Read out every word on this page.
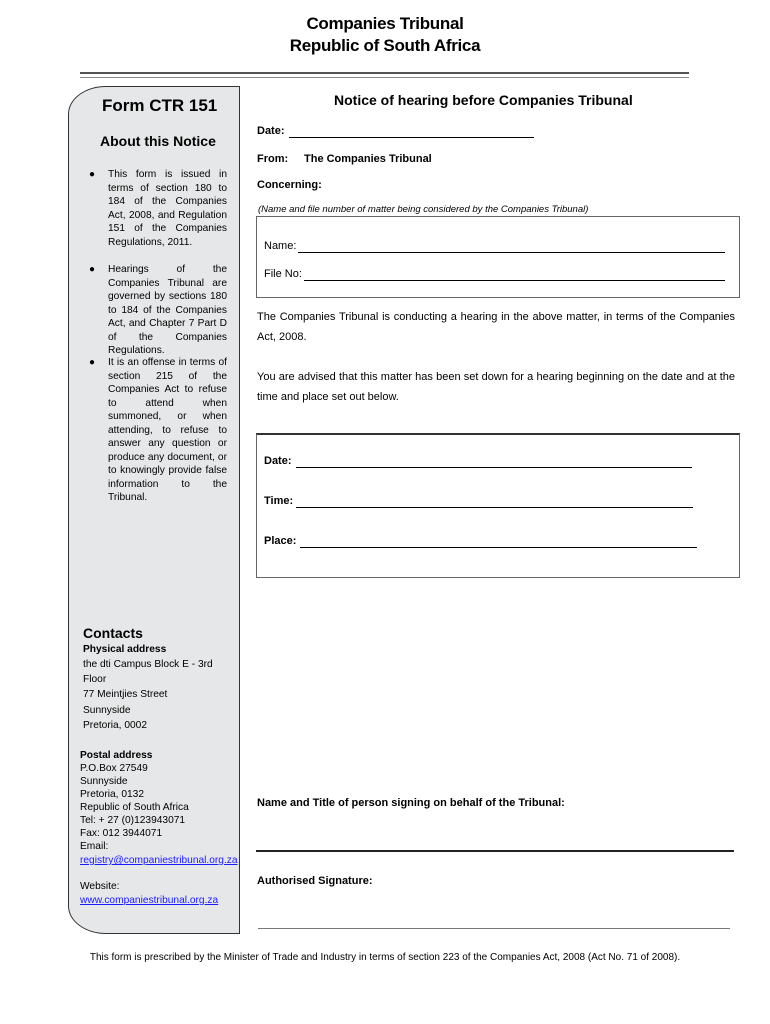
Companies Tribunal
Republic of South Africa
Form CTR 151
About this Notice
● This form is issued in terms of section 180 to 184 of the Companies Act, 2008, and Regulation 151 of the Companies Regulations, 2011.
● Hearings of the Companies Tribunal are governed by sections 180 to 184 of the Companies Act, and Chapter 7 Part D of the Companies Regulations.
● It is an offense in terms of section 215 of the Companies Act to refuse to attend when summoned, or when attending, to refuse to answer any question or produce any document, or to knowingly provide false information to the Tribunal.
Contacts
Physical address
the dti Campus Block E - 3rd
Floor
77 Meintjies Street
Sunnyside
Pretoria, 0002
Postal address
P.O.Box 27549
Sunnyside
Pretoria, 0132
Republic of South Africa
Tel: + 27 (0)123943071
Fax: 012 3944071
Email:
registry@companiestribunal.org.za
Website:
www.companiestribunal.org.za
Notice of hearing before Companies Tribunal
Date:
From: The Companies Tribunal
Concerning:
(Name and file number of matter being considered by the Companies Tribunal)
Name:
File No:
The Companies Tribunal is conducting a hearing in the above matter, in terms of the Companies Act, 2008.
You are advised that this matter has been set down for a hearing beginning on the date and at the time and place set out below.
Date:
Time:
Place:
Name and Title of person signing on behalf of the Tribunal:
Authorised Signature:
This form is prescribed by the Minister of Trade and Industry in terms of section 223 of the Companies Act, 2008 (Act No. 71 of 2008).
